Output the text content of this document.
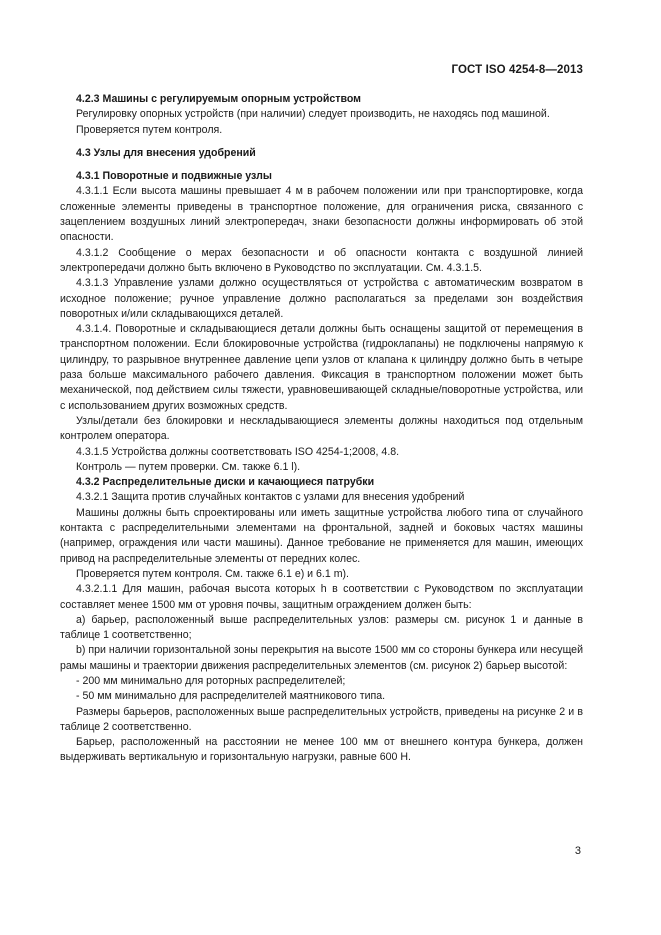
ГОСТ ISO 4254-8—2013

4.2.3 Машины с регулируемым опорным устройством

Регулировку опорных устройств (при наличии) следует производить, не находясь под машиной.

Проверяется путем контроля.

4.3 Узлы для внесения удобрений

4.3.1 Поворотные и подвижные узлы

4.3.1.1 Если высота машины превышает 4 м в рабочем положении или при транспортировке, когда сложенные элементы приведены в транспортное положение, для ограничения риска, связанного с зацеплением воздушных линий электропередач, знаки безопасности должны информировать об этой опасности.

4.3.1.2 Сообщение о мерах безопасности и об опасности контакта с воздушной линией электропередачи должно быть включено в Руководство по эксплуатации. См. 4.3.1.5.

4.3.1.3 Управление узлами должно осуществляться от устройства с автоматическим возвратом в исходное положение; ручное управление должно располагаться за пределами зон воздействия поворотных и/или складывающихся деталей.

4.3.1.4. Поворотные и складывающиеся детали должны быть оснащены защитой от перемещения в транспортном положении. Если блокировочные устройства (гидроклапаны) не подключены напрямую к цилиндру, то разрывное внутреннее давление цепи узлов от клапана к цилиндру должно быть в четыре раза больше максимального рабочего давления. Фиксация в транспортном положении может быть механической, под действием силы тяжести, уравновешивающей складные/поворотные устройства, или с использованием других возможных средств.

Узлы/детали без блокировки и нескладывающиеся элементы должны находиться под отдельным контролем оператора.

4.3.1.5 Устройства должны соответствовать ISO 4254-1;2008, 4.8.

Контроль — путем проверки. См. также 6.1 l).

4.3.2 Распределительные диски и качающиеся патрубки

4.3.2.1 Защита против случайных контактов с узлами для внесения удобрений

Машины должны быть спроектированы или иметь защитные устройства любого типа от случайного контакта с распределительными элементами на фронтальной, задней и боковых частях машины (например, ограждения или части машины). Данное требование не применяется для машин, имеющих привод на распределительные элементы от передних колес.

Проверяется путем контроля. См. также 6.1 е) и 6.1 m).

4.3.2.1.1 Для машин, рабочая высота которых h в соответствии с Руководством по эксплуатации составляет менее 1500 мм от уровня почвы, защитным ограждением должен быть:

а) барьер, расположенный выше распределительных узлов: размеры см. рисунок 1 и данные в таблице 1 соответственно;

b) при наличии горизонтальной зоны перекрытия на высоте 1500 мм со стороны бункера или несущей рамы машины и траектории движения распределительных элементов (см. рисунок 2) барьер высотой:

- 200 мм минимально для роторных распределителей;

- 50 мм минимально для распределителей маятникового типа.

Размеры барьеров, расположенных выше распределительных устройств, приведены на рисунке 2 и в таблице 2 соответственно.

Барьер, расположенный на расстоянии не менее 100 мм от внешнего контура бункера, должен выдерживать вертикальную и горизонтальную нагрузки, равные 600 Н.

3
